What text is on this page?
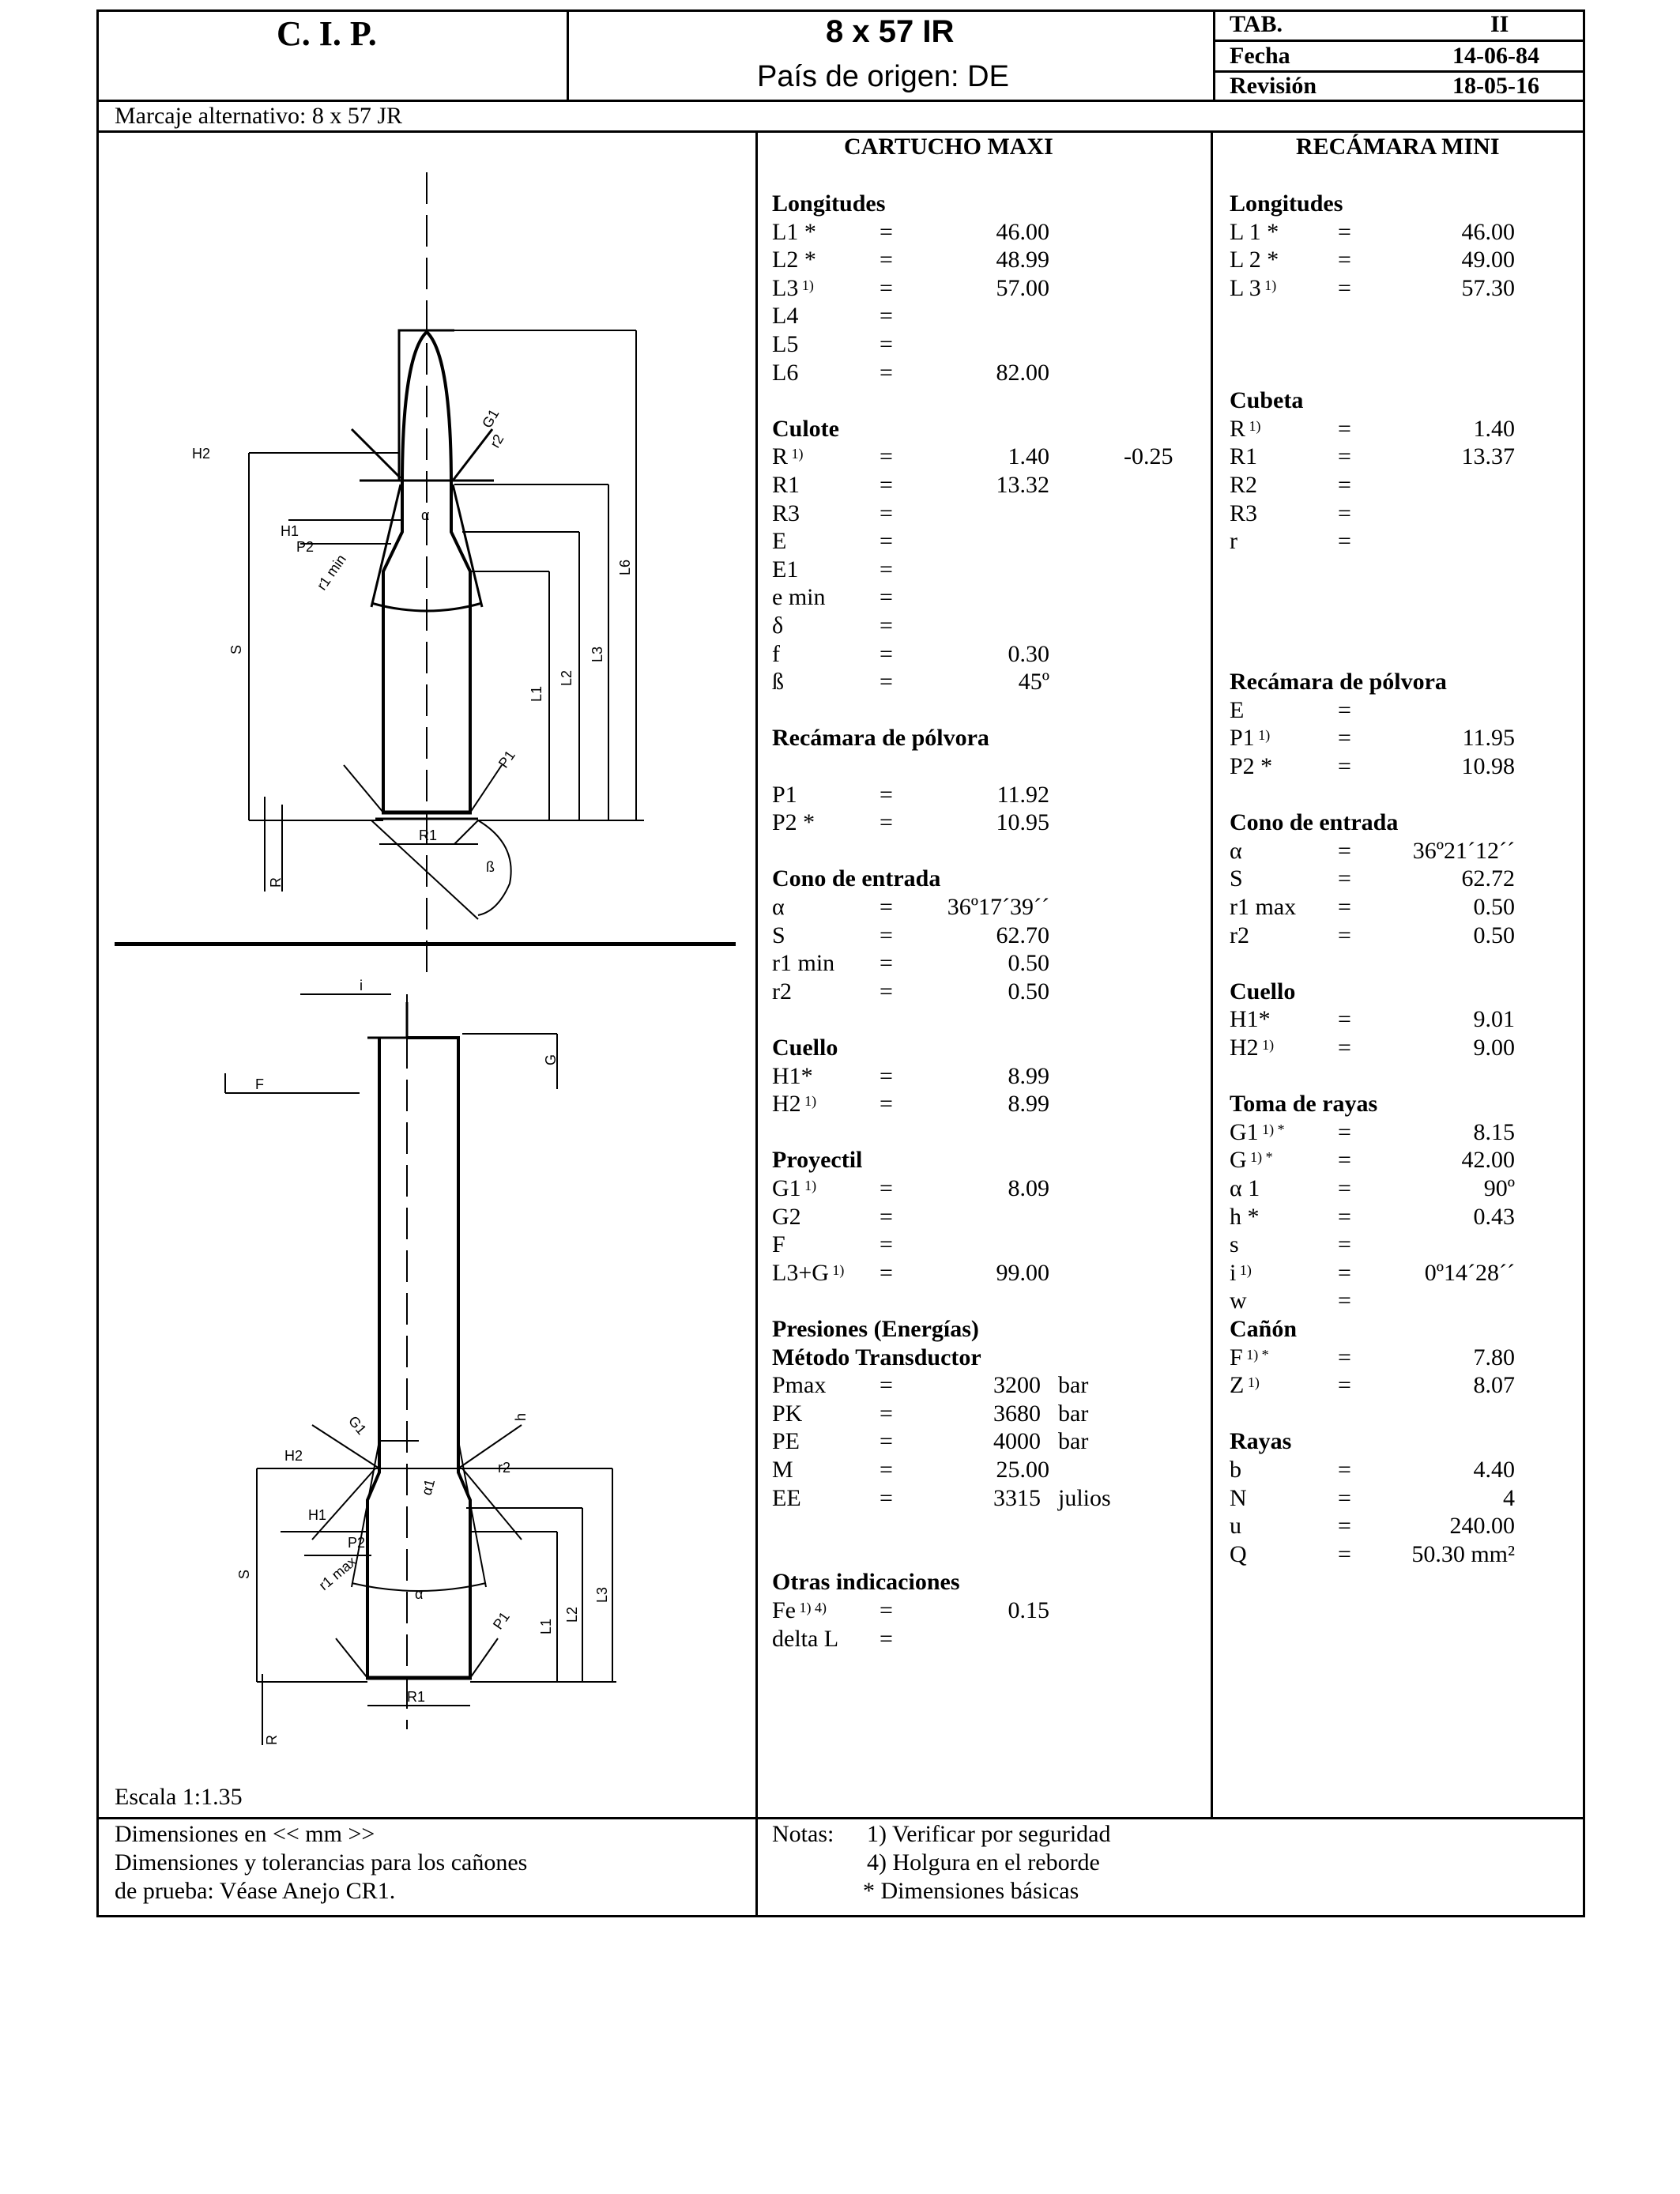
C. I. P.	8 x 57 IR
País de origen: DE
TAB.	II
Fecha	14-06-84
Revisión	18-05-16
Marcaje alternativo: 8 x 57 JR
CARTUCHO MAXI	RECÁMARA MINI
Longitudes
L1 *	=	46.00
L2 *	=	48.99
L3 $^{1)}$	=	57.00
L4	=
L5	=
L6	=	82.00
Culote
R $^{1)}$	=	1.40	-0.25
R1	=	13.32
R3	=
E	=
E1	=
e min =
δ	=
f	=	0.30
ß	=	45º
Recámara de pólvora
P1	=	11.92
P2 *	=	10.95
Cono de entrada
α	= 36º17´39´´
S	=	62.70
r1 min =	0.50
r2	=	0.50
Cuello
H1*	=	8.99
H2 $^{1)}$	=	8.99
Proyectil
G1 $^{1)}$	=	8.09
G2	=
F	=
L3+G $^{1)}$ =	99.00
Presiones (Energías)
Método Transductor
Pmax =	3200 bar
PK	=	3680 bar
PE	=	4000 bar
M	=	25.00
EE	=	3315 julios
Otras indicaciones
Fe $^{1) 4)}$ =	0.15
delta L =
Longitudes
L 1 * =	46.00
L 2 * =	49.00
L 3 $^{1)}$	=	57.30
Cubeta
R $^{1)}$	=	1.40
R1	=	13.37
R2	=
R3	=
r	=
Recámara de pólvora
E	=
P1 $^{1)}$	=	11.95
P2 *	=	10.98
Cono de entrada
α	=	36º21´12´´
S	=	62.72
r1 max =	0.50
r2	=	0.50
Cuello
H1*	=	9.01
H2 $^{1)}$	=	9.00
Toma de rayas
G1 $^{1) *}$ =	8.15
G $^{1) *}$	=	42.00
α 1	=	90º
h *	=	0.43
s	=
i $^{1)}$	=	0º14´28´´
w	=
Cañón
F $^{1) *}$	=	7.80
Z $^{1)}$	=	8.07
Rayas
b	=	4.40
N	=	4
u	=	240.00
Q	=	50.30 mm²
α
H2
H1
P2
G1
r2
r1 min
S
L1
L2
L3
L6
P1
R1
R
ß
i
G
F
G1	h
H2
r2
α1
H1
P2
r1 max
α
S
L1
L2
L3
P1
R1
R
Escala 1:1.35
Dimensiones en << mm >>
Dimensiones y tolerancias para los cañones
de prueba: Véase Anejo CR1.
Notas: 1) Verificar por seguridad
4) Holgura en el reborde
* Dimensiones básicas
